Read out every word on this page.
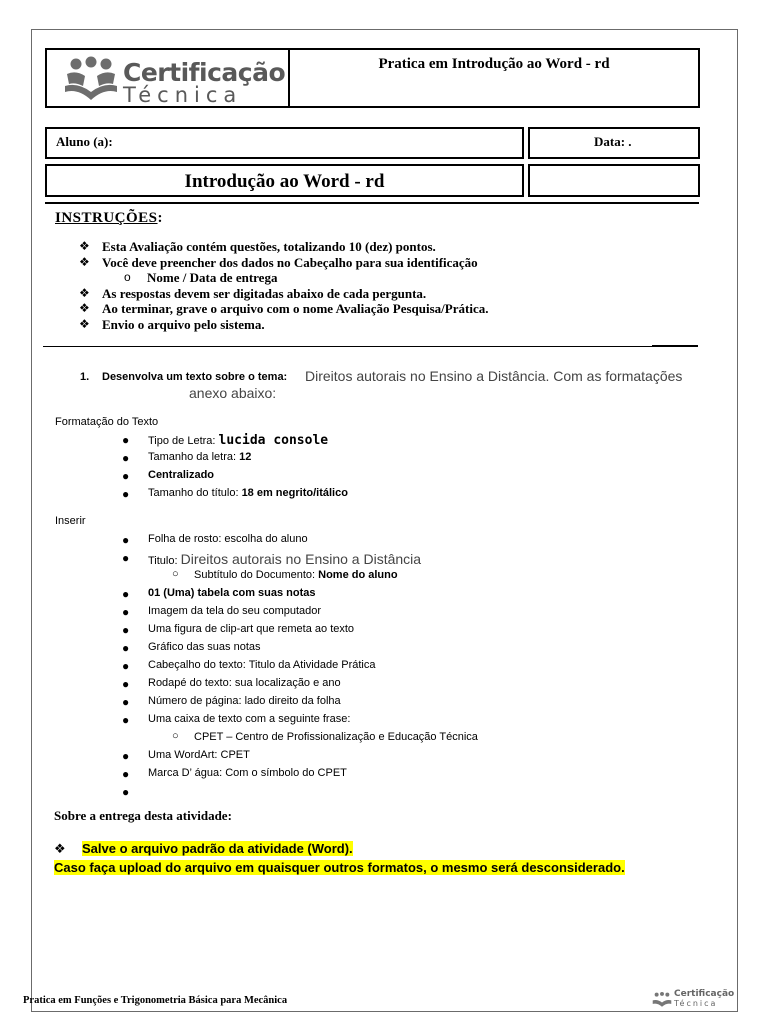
Certificação
Técnica
Pratica em Introdução ao Word - rd
Aluno (a):	Data: .
Introdução ao Word - rd
INSTRUÇÕES:
❖ Esta Avaliação contém questões, totalizando 10 (dez) pontos.
❖ Você deve preencher dos dados no Cabeçalho para sua identificação
o Nome / Data de entrega
❖ As respostas devem ser digitadas abaixo de cada pergunta.
❖ Ao terminar, grave o arquivo com o nome Avaliação Pesquisa/Prática.
❖ Envio o arquivo pelo sistema.
1. Desenvolva um texto sobre o tema: Direitos autorais no Ensino a Distância. Com as formatações
anexo abaixo:
Formatação do Texto
● Tipo de Letra: lucida console
● Tamanho da letra: 12
● Centralizado
● Tamanho do título: 18 em negrito/itálico
Inserir
● Folha de rosto: escolha do aluno
● Titulo: Direitos autorais no Ensino a Distância
○ Subtítulo do Documento: Nome do aluno
● 01 (Uma) tabela com suas notas
● Imagem da tela do seu computador
● Uma figura de clip-art que remeta ao texto
● Gráfico das suas notas
● Cabeçalho do texto: Titulo da Atividade Prática
● Rodapé do texto: sua localização e ano
● Número de página: lado direito da folha
● Uma caixa de texto com a seguinte frase:
○ CPET – Centro de Profissionalização e Educação Técnica
● Uma WordArt: CPET
● Marca D’ água: Com o símbolo do CPET
●
Sobre a entrega desta atividade:
❖ Salve o arquivo padrão da atividade (Word).
Caso faça upload do arquivo em quaisquer outros formatos, o mesmo será desconsiderado.
Pratica em Funções e Trigonometria Básica para Mecânica
Certificação
Técnica
